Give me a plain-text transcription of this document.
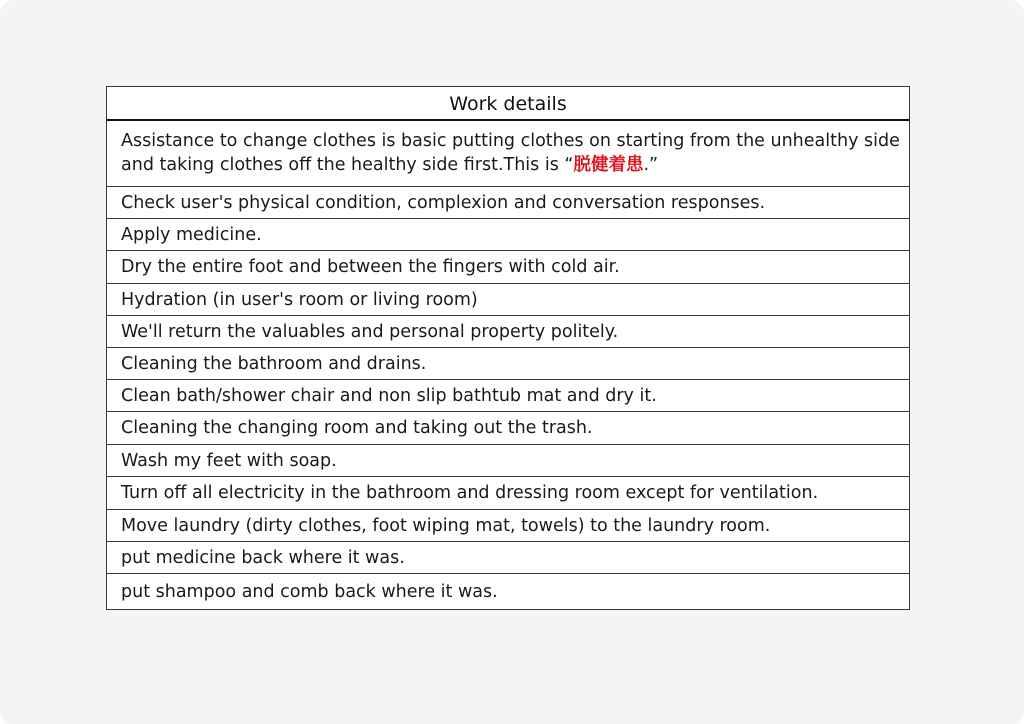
Work details
Assistance to change clothes is basic putting clothes on starting from the unhealthy side and taking clothes off the healthy side first.This is “脱健着患.”
Check user's physical condition, complexion and conversation responses.
Apply medicine.
Dry the entire foot and between the fingers with cold air.
Hydration (in user's room or living room)
We'll return the valuables and personal property politely.
Cleaning the bathroom and drains.
Clean bath/shower chair and non slip bathtub mat and dry it.
Cleaning the changing room and taking out the trash.
Wash my feet with soap.
Turn off all electricity in the bathroom and dressing room except for ventilation.
Move laundry (dirty clothes, foot wiping mat, towels) to the laundry room.
put medicine back where it was.
put shampoo and comb back where it was.
